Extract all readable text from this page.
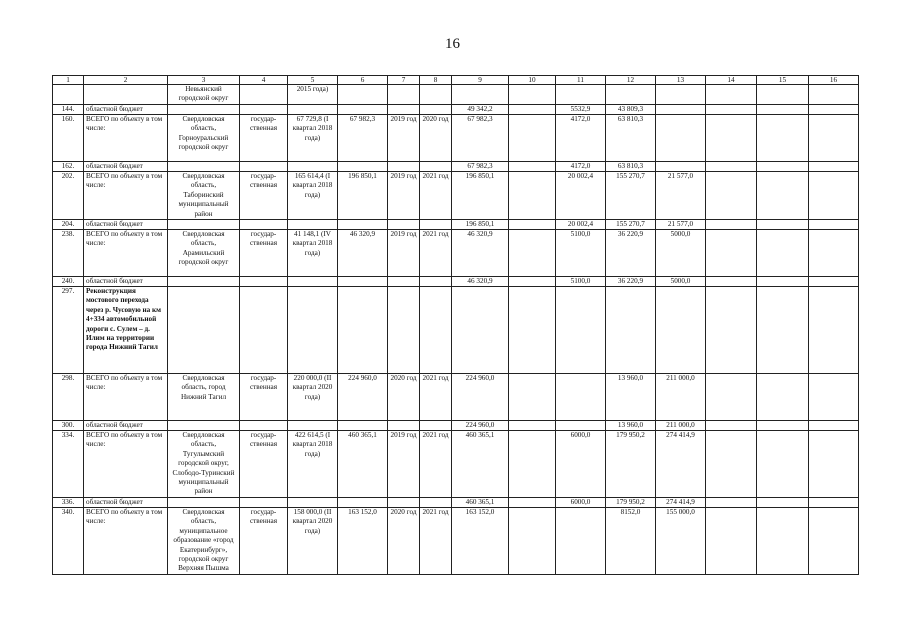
16
1	2	3	4	5	6	7	8	9	10	11	12	13	14	15	16
		Невьянский городской округ		2015 года)											
144.	областной бюджет							49 342,2		5532,9	43 809,3				
160.	ВСЕГО по объекту в том числе:	Свердловская область, Горноуральский городской округ	государ-ственная	67 729,8 (I квартал 2018 года)	67 982,3	2019 год	2020 год	67 982,3		4172,0	63 810,3				
162.	областной бюджет							67 982,3		4172,0	63 810,3				
202.	ВСЕГО по объекту в том числе:	Свердловская область, Таборинский муниципальный район	государ-ственная	165 614,4 (I квартал 2018 года)	196 850,1	2019 год	2021 год	196 850,1		20 002,4	155 270,7	21 577,0			
204.	областной бюджет							196 850,1		20 002,4	155 270,7	21 577,0			
238.	ВСЕГО по объекту в том числе:	Свердловская область, Арамильский городской округ	государ-ственная	41 148,1 (IV квартал 2018 года)	46 320,9	2019 год	2021 год	46 320,9		5100,0	36 220,9	5000,0			
240.	областной бюджет							46 320,9		5100,0	36 220,9	5000,0			
297.	Реконструкция мостового перехода через р. Чусовую на км 4+334 автомобильной дороги с. Сулем – д. Илим на территории города Нижний Тагил														
298.	ВСЕГО по объекту в том числе:	Свердловская область, город Нижний Тагил	государ-ственная	220 000,0 (II квартал 2020 года)	224 960,0	2020 год	2021 год	224 960,0			13 960,0	211 000,0			
300.	областной бюджет							224 960,0			13 960,0	211 000,0			
334.	ВСЕГО по объекту в том числе:	Свердловская область, Тугулымский городской округ, Слободо-Туринский муниципальный район	государ-ственная	422 614,5 (I квартал 2018 года)	460 365,1	2019 год	2021 год	460 365,1		6000,0	179 950,2	274 414,9			
336.	областной бюджет							460 365,1		6000,0	179 950,2	274 414,9			
340.	ВСЕГО по объекту в том числе:	Свердловская область, муниципальное образование «город Екатеринбург», городской округ Верхняя Пышма	государ-ственная	158 000,0 (II квартал 2020 года)	163 152,0	2020 год	2021 год	163 152,0			8152,0	155 000,0			
